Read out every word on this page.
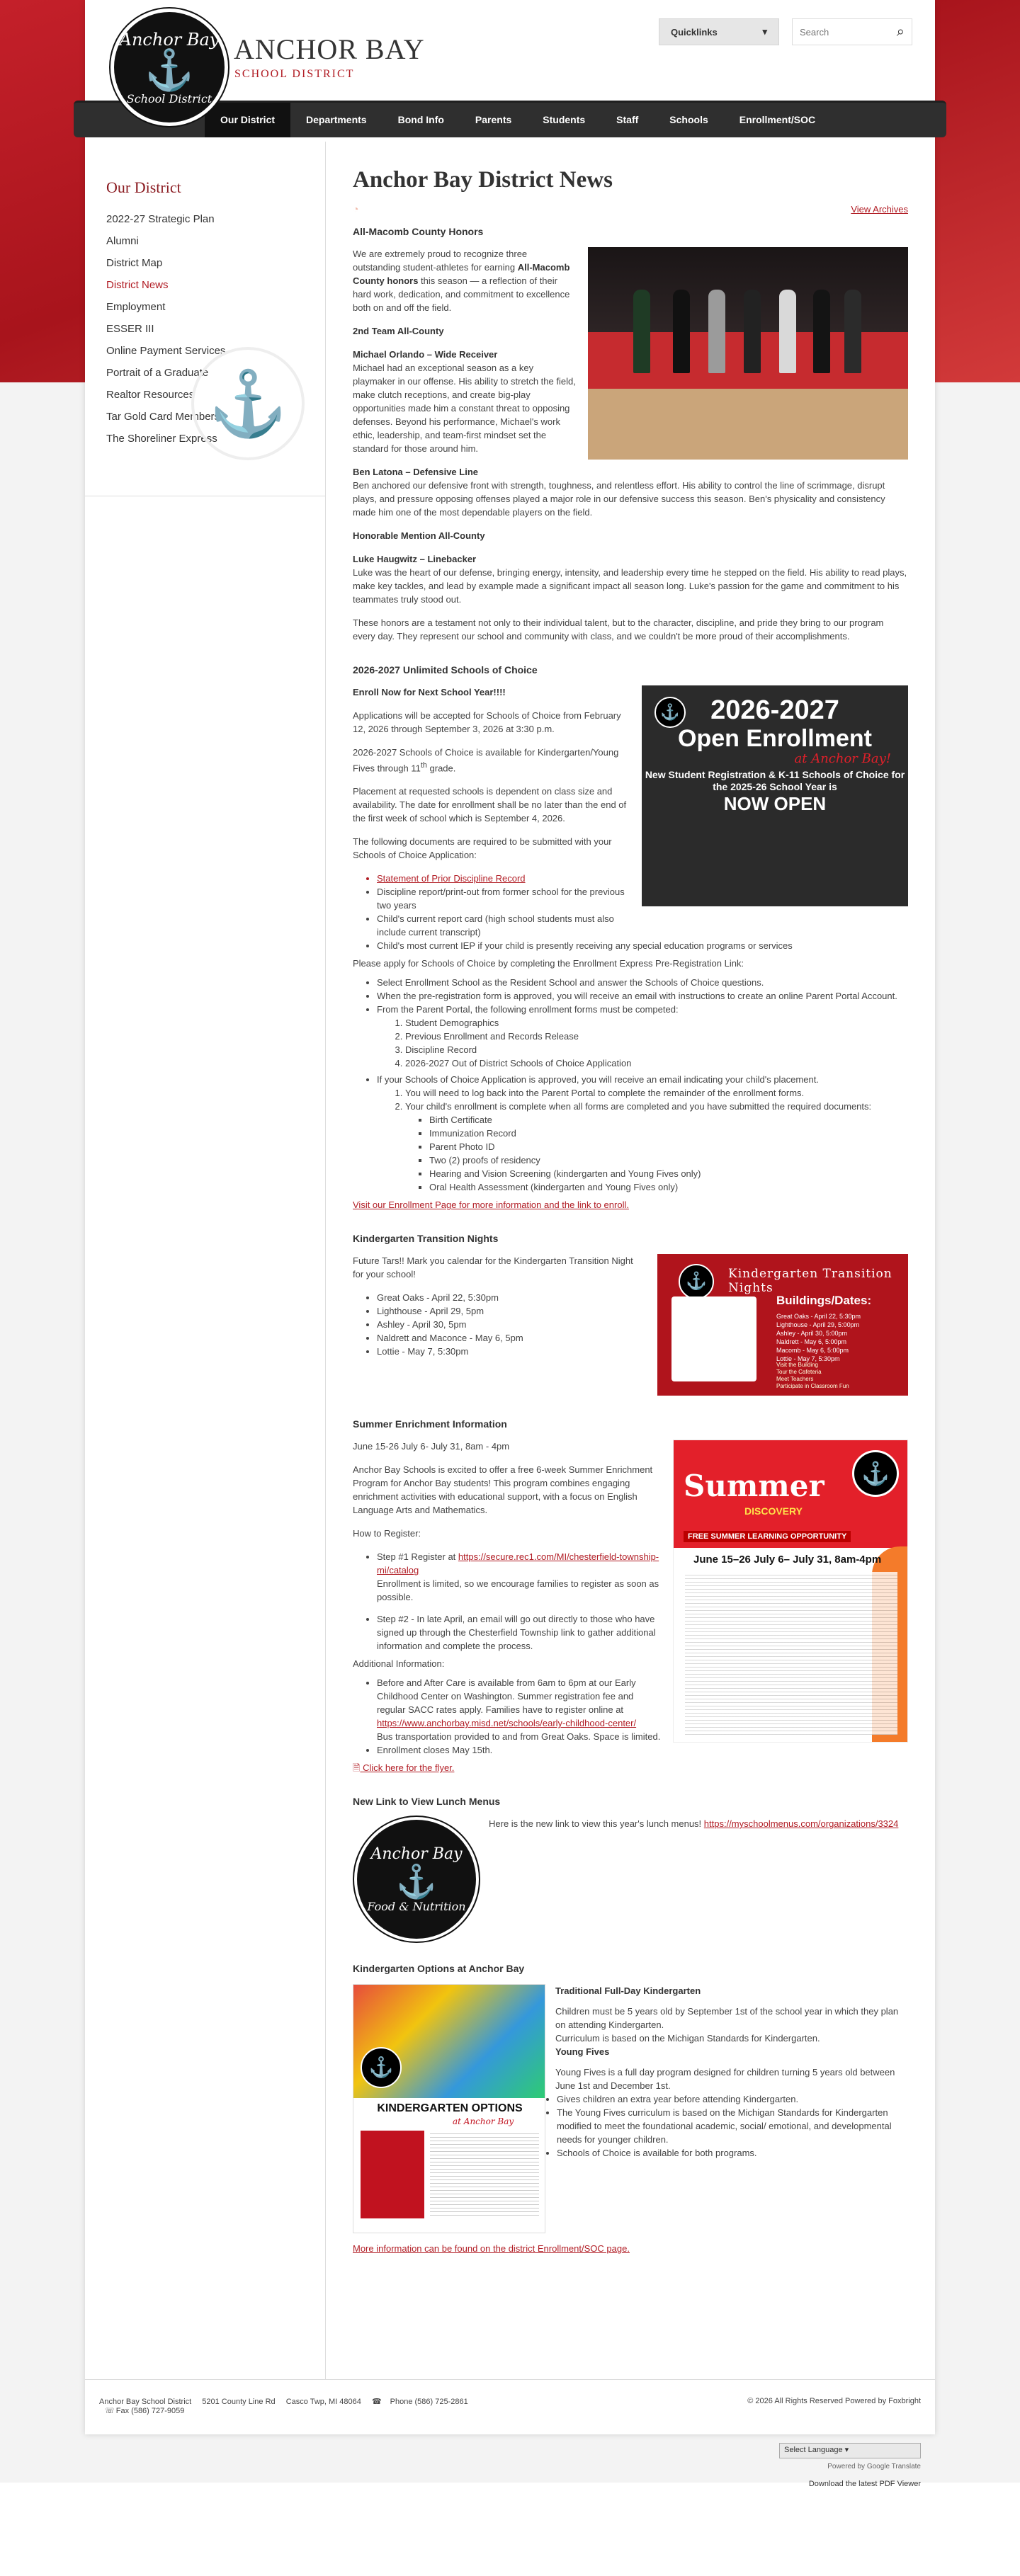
Anchor Bay
⚓
School District
ANCHOR BAY
SCHOOL DISTRICT
Quicklinks	▾
Search	⌕
Our District	Departments	Bond Info	Parents	Students	Staff	Schools	Enrollment/SOC
Our District
2022-27 Strategic Plan
Alumni
District Map
District News
Employment
ESSER III
Online Payment Services
Portrait of a Graduate
Realtor Resources
Tar Gold Card Members
The Shoreliner Express
⚓
Anchor Bay District News
◔	View Archives
All-Macomb County Honors

We are extremely proud to recognize three outstanding student-athletes for earning All-Macomb County honors this season — a reflection of their hard work, dedication, and commitment to excellence both on and off the field.

2nd Team All-County

Michael Orlando – Wide Receiver
Michael had an exceptional season as a key playmaker in our offense. His ability to stretch the field, make clutch receptions, and create big-play opportunities made him a constant threat to opposing defenses. Beyond his performance, Michael's work ethic, leadership, and team-first mindset set the standard for those around him.

Ben Latona – Defensive Line
Ben anchored our defensive front with strength, toughness, and relentless effort. His ability to control the line of scrimmage, disrupt plays, and pressure opposing offenses played a major role in our defensive success this season. Ben's physicality and consistency made him one of the most dependable players on the field.

Honorable Mention All-County

Luke Haugwitz – Linebacker
Luke was the heart of our defense, bringing energy, intensity, and leadership every time he stepped on the field. His ability to read plays, make key tackles, and lead by example made a significant impact all season long. Luke's passion for the game and commitment to his teammates truly stood out.

These honors are a testament not only to their individual talent, but to the character, discipline, and pride they bring to our program every day. They represent our school and community with class, and we couldn't be more proud of their accomplishments.

2026-2027 Unlimited Schools of Choice
⚓	2026-2027
Open Enrollment
at Anchor Bay!
New Student Registration & K-11 Schools of Choice for the 2025-26 School Year is
NOW OPEN

Enroll Now for Next School Year!!!!

Applications will be accepted for Schools of Choice from February 12, 2026 through September 3, 2026 at 3:30 p.m.

2026-2027 Schools of Choice is available for Kindergarten/Young Fives through 11th grade.

Placement at requested schools is dependent on class size and availability. The date for enrollment shall be no later than the end of the first week of school which is September 4, 2026.

The following documents are required to be submitted with your Schools of Choice Application:

• Statement of Prior Discipline Record
• Discipline report/print-out from former school for the previous two years
• Child's current report card (high school students must also include current transcript)
• Child's most current IEP if your child is presently receiving any special education programs or services
Please apply for Schools of Choice by completing the Enrollment Express Pre-Registration Link:
• Select Enrollment School as the Resident School and answer the Schools of Choice questions.
• When the pre-registration form is approved, you will receive an email with instructions to create an online Parent Portal Account.
• From the Parent Portal, the following enrollment forms must be competed:
1. Student Demographics
2. Previous Enrollment and Records Release
3. Discipline Record
4. 2026-2027 Out of District Schools of Choice Application
• If your Schools of Choice Application is approved, you will receive an email indicating your child's placement.
1. You will need to log back into the Parent Portal to complete the remainder of the enrollment forms.
2. Your child's enrollment is complete when all forms are completed and you have submitted the required documents:
▪ Birth Certificate
▪ Immunization Record
▪ Parent Photo ID
▪ Two (2) proofs of residency
▪ Hearing and Vision Screening (kindergarten and Young Fives only)
▪ Oral Health Assessment (kindergarten and Young Fives only)

Visit our Enrollment Page for more information and the link to enroll.

Kindergarten Transition Nights
⚓	Kindergarten Transition Nights
Buildings/Dates:
Great Oaks - April 22, 5:30pm
Lighthouse - April 29, 5:00pm
Ashley - April 30, 5:00pm
Naldrett - May 6, 5:00pm
Macomb - May 6, 5:00pm
Lottie - May 7, 5:30pm
Visit the Building
Tour the Cafeteria
Meet Teachers
Participate in Classroom Fun

Future Tars!! Mark you calendar for the Kindergarten Transition Night for your school!

• Great Oaks - April 22, 5:30pm
• Lighthouse - April 29, 5pm
• Ashley - April 30, 5pm
• Naldrett and Maconce - May 6, 5pm
• Lottie - May 7, 5:30pm
Summer Enrichment Information
Summer
DISCOVERY
FREE SUMMER LEARNING OPPORTUNITY
⚓
June 15–26 July 6– July 31, 8am-4pm

June 15-26 July 6- July 31, 8am - 4pm

Anchor Bay Schools is excited to offer a free 6-week Summer Enrichment Program for Anchor Bay students! This program combines engaging enrichment activities with educational support, with a focus on English Language Arts and Mathematics.

How to Register:

• Step #1 Register at https://secure.rec1.com/MI/chesterfield-township-mi/catalog
Enrollment is limited, so we encourage families to register as soon as possible.
• Step #2 - In late April, an email will go out directly to those who have signed up through the Chesterfield Township link to gather additional information and complete the process.
Additional Information:
• Before and After Care is available from 6am to 6pm at our Early Childhood Center on Washington. Summer registration fee and regular SACC rates apply. Families have to register online at https://www.anchorbay.misd.net/schools/early-childhood-center/
Bus transportation provided to and from Great Oaks. Space is limited.
• Enrollment closes May 15th.

🗎 Click here for the flyer.

New Link to View Lunch Menus
Anchor Bay
⚓
Food & Nutrition

Here is the new link to view this year's lunch menus! https://myschoolmenus.com/organizations/3324

Kindergarten Options at Anchor Bay
⚓
KINDERGARTEN OPTIONS
at Anchor Bay

Traditional Full-Day Kindergarten

Children must be 5 years old by September 1st of the school year in which they plan on attending Kindergarten.

Curriculum is based on the Michigan Standards for Kindergarten.

Young Fives

Young Fives is a full day program designed for children turning 5 years old between June 1st and December 1st.

• Gives children an extra year before attending Kindergarten.
• The Young Fives curriculum is based on the Michigan Standards for Kindergarten modified to meet the foundational academic, social/ emotional, and developmental needs for younger children.
• Schools of Choice is available for both programs.

More information can be found on the district Enrollment/SOC page.

Anchor Bay School District 5201 County Line Rd Casco Twp, MI 48064 ☎ Phone (586) 725-2861
☏ Fax (586) 727-9059
© 2026 All Rights Reserved Powered by Foxbright
Select Language ▾
Powered by Google Translate
Download the latest PDF Viewer
